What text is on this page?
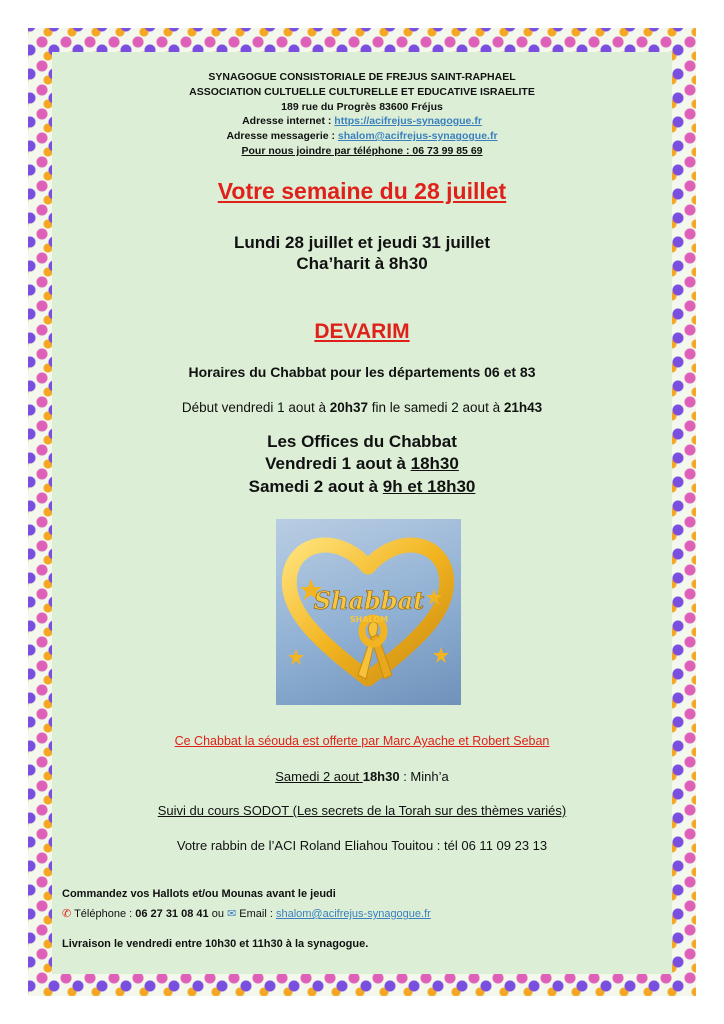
SYNAGOGUE CONSISTORIALE DE FREJUS SAINT-RAPHAEL
ASSOCIATION CULTUELLE CULTURELLE ET EDUCATIVE ISRAELITE
189 rue du Progrès 83600 Fréjus
Adresse internet : https://acifrejus-synagogue.fr
Adresse messagerie : shalom@acifrejus-synagogue.fr
Pour nous joindre par téléphone : 06 73 99 85 69
Votre semaine du 28 juillet
Lundi 28 juillet et jeudi 31 juillet
Cha’harit à 8h30
DEVARIM
Horaires du Chabbat pour les départements 06 et 83
Début vendredi 1 aout à 20h37 fin le samedi 2 aout à 21h43
Les Offices du Chabbat
Vendredi 1 aout à 18h30
Samedi 2 aout à 9h et 18h30
Shabbat
SHALOM
Ce Chabbat la séouda est offerte par Marc Ayache et Robert Seban
Samedi 2 aout 18h30 : Minh’a
Suivi du cours SODOT (Les secrets de la Torah sur des thèmes variés)
Votre rabbin de l’ACI Roland Eliahou Touitou : tél 06 11 09 23 13
Commandez vos Hallots et/ou Mounas avant le jeudi
✆ Téléphone : 06 27 31 08 41 ou ✉ Email : shalom@acifrejus-synagogue.fr
Livraison le vendredi entre 10h30 et 11h30 à la synagogue.
